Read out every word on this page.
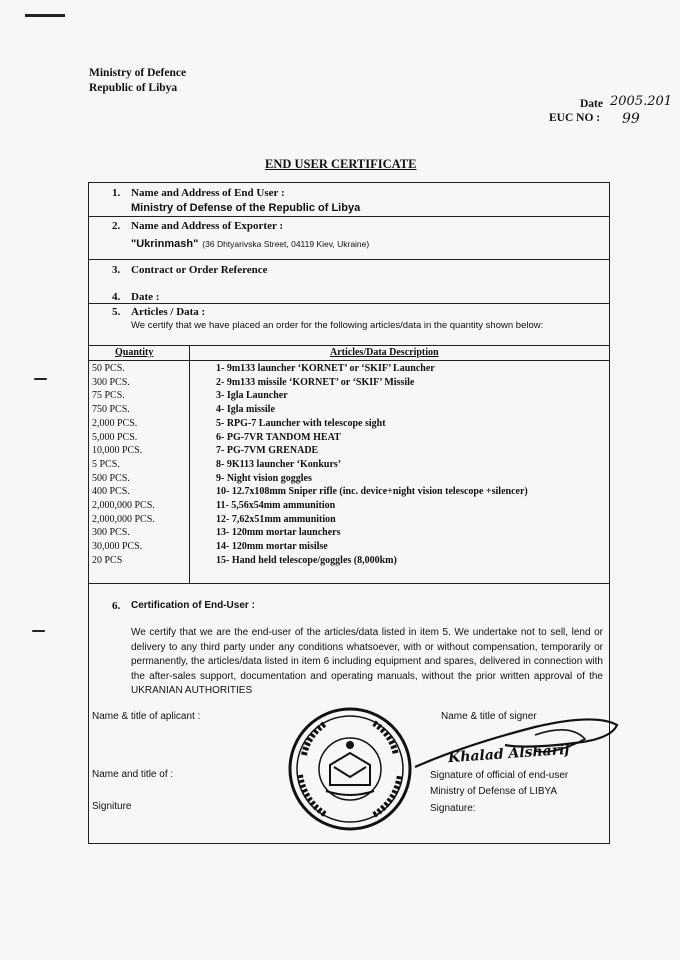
Ministry of Defence
Republic of Libya
Date 2005.201
EUC NO : 99
END USER CERTIFICATE
1. Name and Address of End User :
Ministry of Defense of the Republic of Libya
2. Name and Address of Exporter :
"Ukrinmash" (36 Dhtyarivska Street, 04119 Kiev, Ukraine)
3. Contract or Order Reference
4. Date :
5. Articles / Data :
We certify that we have placed an order for the following articles/data in the quantity shown below:
Quantity	Articles/Data Description
50 PCS.	1- 9m133 launcher ‘KORNET’ or ‘SKIF’ Launcher
300 PCS.	2- 9m133 missile ‘KORNET’ or ‘SKIF’ Missile
75 PCS.	3- Igla Launcher
750 PCS.	4- Igla missile
2,000 PCS.	5- RPG-7 Launcher with telescope sight
5,000 PCS.	6- PG-7VR TANDOM HEAT
10,000 PCS.	7- PG-7VM GRENADE
5 PCS.	8- 9K113 launcher ‘Konkurs’
500 PCS.	9- Night vision goggles
400 PCS.	10- 12.7x108mm Sniper rifle (inc. device+night vision telescope +silencer)
2,000,000 PCS.	11- 5,56x54mm ammunition
2,000,000 PCS.	12- 7,62x51mm ammunition
300 PCS.	13- 120mm mortar launchers
30,000 PCS.	14- 120mm mortar misilse
20 PCS	15- Hand held telescope/goggles (8,000km)
6. Certification of End-User :
We certify that we are the end-user of the articles/data listed in item 5. We undertake not to sell, lend or delivery to any third party under any conditions whatsoever, with or without compensation, temporarily or permanently, the articles/data listed in item 6 including equipment and spares, delivered in connection with the after-sales support, documentation and operating manuals, without the prior written approval of the UKRANIAN AUTHORITIES
Name & title of aplicant :
Name and title of :
Signiture
Name & title of signer
Signature of official of end-user
Ministry of Defense of LIBYA
Signature:
Khalad Alsharif
